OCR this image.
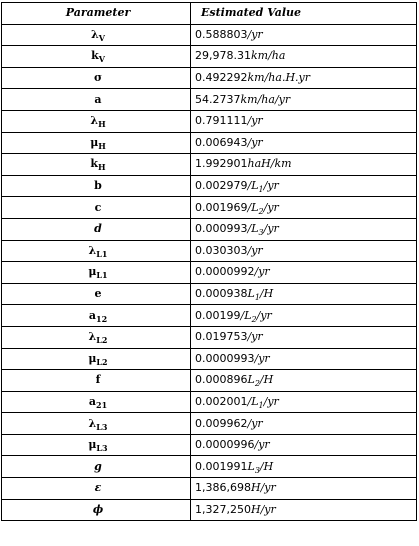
Parameter	Estimated Value
$\lambda_V$	0.588803/yr
$k_V$	29,978.31km/ha
σ	0.492292km/ha.H.yr
a	54.2737km/ha/yr
$\lambda_H$	0.791111/yr
$\mu_H$	0.006943/yr
$k_H$	1.992901haH/km
b	$0.002979/L_1/yr$
c	$0.001969/L_2/yr$
d	$0.000993/L_3/yr$
$\lambda_{L1}$	0.030303/yr
$\mu_{L1}$	0.0000992/yr
e	$0.000938L_1/H$
$a_{12}$	$0.00199/L_2/yr$
$\lambda_{L2}$	0.019753/yr
$\mu_{L2}$	0.0000993/yr
f	$0.000896L_2/H$
$a_{21}$	$0.002001/L_1/yr$
$\lambda_{L3}$	0.009962/yr
$\mu_{L3}$	0.0000996/yr
g	$0.001991L_3/H$
ε	1,386,698H/yr
ϕ	1,327,250H/yr
